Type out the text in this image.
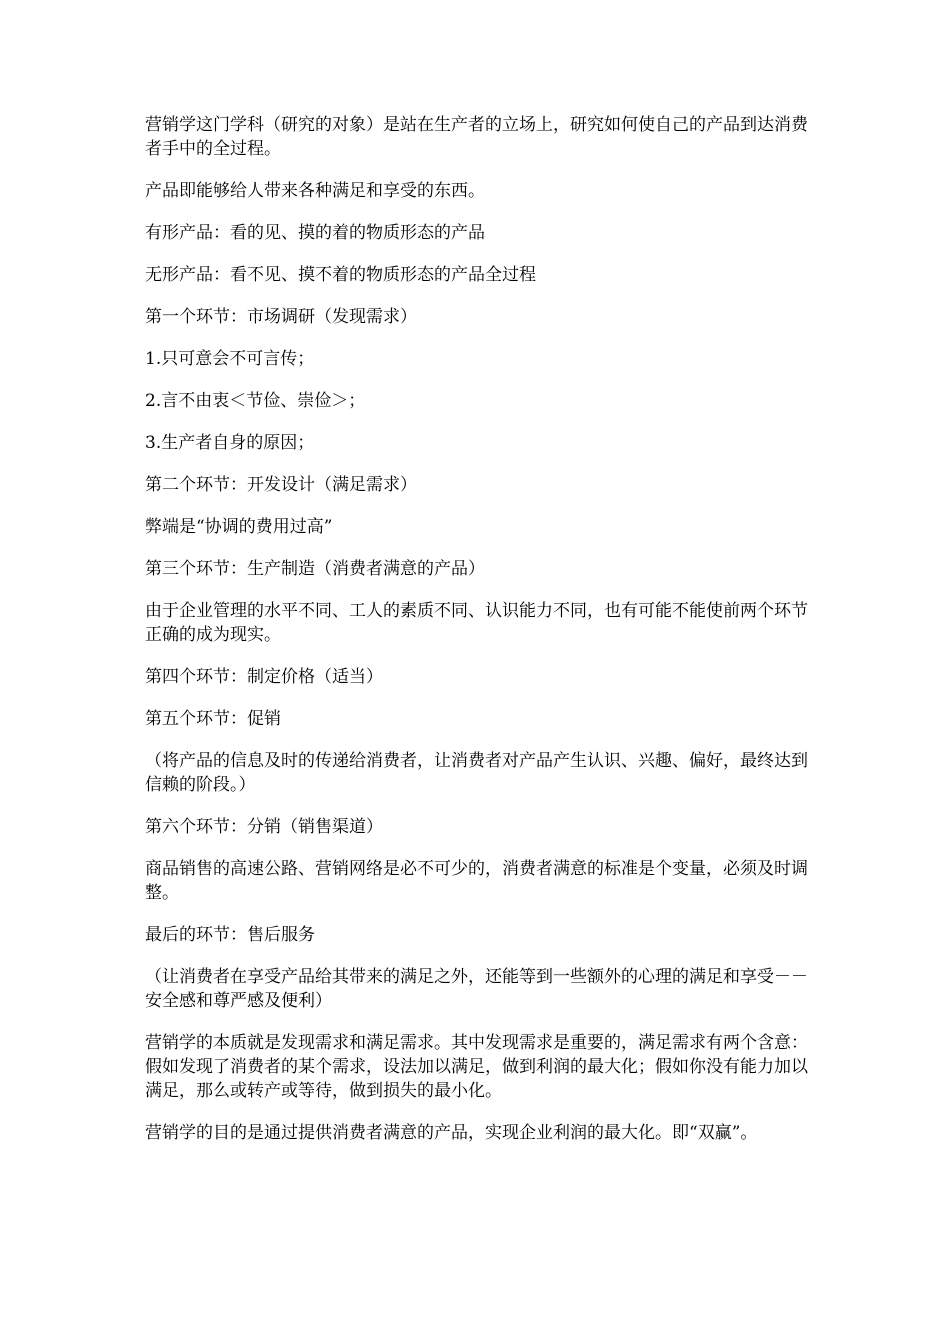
营销学这门学科（研究的对象）是站在生产者的立场上，研究如何使自己的产品到达消费者手中的全过程。

产品即能够给人带来各种满足和享受的东西。

有形产品：看的见、摸的着的物质形态的产品

无形产品：看不见、摸不着的物质形态的产品全过程

第一个环节：市场调研（发现需求）

1.只可意会不可言传；

2.言不由衷＜节俭、崇俭＞；

3.生产者自身的原因；

第二个环节：开发设计（满足需求）

弊端是“协调的费用过高”

第三个环节：生产制造（消费者满意的产品）

由于企业管理的水平不同、工人的素质不同、认识能力不同，也有可能不能使前两个环节正确的成为现实。

第四个环节：制定价格（适当）

第五个环节：促销

（将产品的信息及时的传递给消费者，让消费者对产品产生认识、兴趣、偏好，最终达到信赖的阶段。）

第六个环节：分销（销售渠道）

商品销售的高速公路、营销网络是必不可少的，消费者满意的标准是个变量，必须及时调整。

最后的环节：售后服务

（让消费者在享受产品给其带来的满足之外，还能等到一些额外的心理的满足和享受－－安全感和尊严感及便利）

营销学的本质就是发现需求和满足需求。其中发现需求是重要的，满足需求有两个含意：假如发现了消费者的某个需求，设法加以满足，做到利润的最大化；假如你没有能力加以满足，那么或转产或等待，做到损失的最小化。

营销学的目的是通过提供消费者满意的产品，实现企业利润的最大化。即“双赢”。
